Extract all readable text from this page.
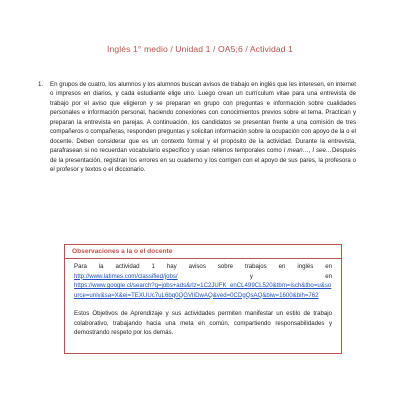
Inglés 1° medio / Unidad 1 / OA5;6 / Actividad 1
1. En grupos de cuatro, los alumnos y los alumnos buscan avisos de trabajo en inglés que les interesen, en internet o impresos en diarios, y cada estudiante elige uno. Luego crean un currículum vitae para una entrevista de trabajo por el aviso que eligieron y se preparan en grupo con preguntas e información sobre cualidades personales e información personal, haciendo conexiones con conocimientos previos sobre el tema. Practican y preparan la entrevista en parejas. A continuación, los candidatos se presentan frente a una comisión de tres compañeros o compañeras, responden preguntas y solicitan información sobre la ocupación con apoyo de la o el docente. Deben considerar que es un contexto formal y el propósito de la actividad. Durante la entrevista, parafrasean si no recuerdan vocabulario específico y usan rellenos temporales como I mean…, I see…Después de la presentación, registran los errores en su cuaderno y los corrigen con el apoyo de sus pares, la profesora o el profesor y textos o el diccionario.

Observaciones a la o el docente

Para la actividad 1 hay avisos sobre trabajos en inglés en

http://www.latimes.com/classified/jobs/	y	en

https://www.google.cl/search?q=jobs+ads&rlz=1C2JUFK_enCL499CL520&tbm=isch&tbo=u&source=univ&sa=X&ei=TEXUUc7uL6bq0QGVlIDwAQ&ved=0CDgQsAQ&biw=1600&bih=762

Estos Objetivos de Aprendizaje y sus actividades permiten manifestar un estilo de trabajo colaborativo, trabajando hacia una meta en común, compartiendo responsabilidades y demostrando respeto por los demás.
